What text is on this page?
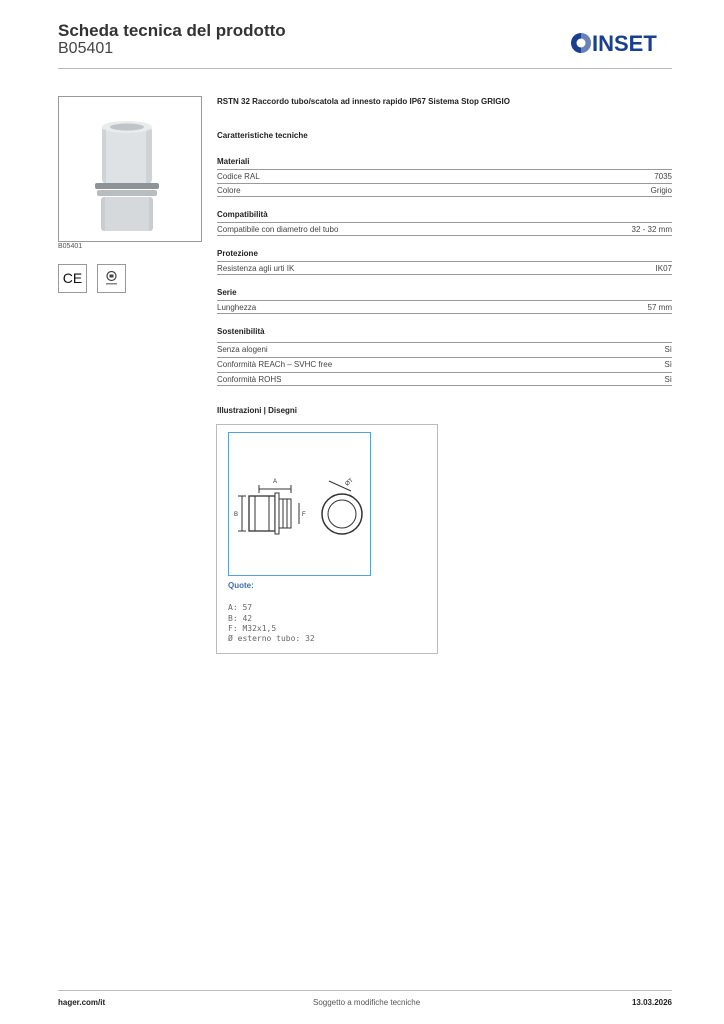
Scheda tecnica del prodotto
B05401	INSET
B05401
CE
RSTN 32 Raccordo tubo/scatola ad innesto rapido IP67 Sistema Stop GRIGIO
Caratteristiche tecniche
Materiali
Codice RAL	7035
Colore	Grigio
Compatibilità
Compatibile con diametro del tubo	32 - 32 mm
Protezione
Resistenza agli urti IK	IK07
Serie
Lunghezza	57 mm
Sostenibilità
Senza alogeni	Sì
Conformità REACh – SVHC free	Sì
Conformità ROHS	Sì
Illustrazioni | Disegni
A
B	F
ØT
Quote:
A: 57
B: 42
F: M32x1,5
Ø esterno tubo: 32
hager.com/it	Soggetto a modifiche tecniche	13.03.2026
